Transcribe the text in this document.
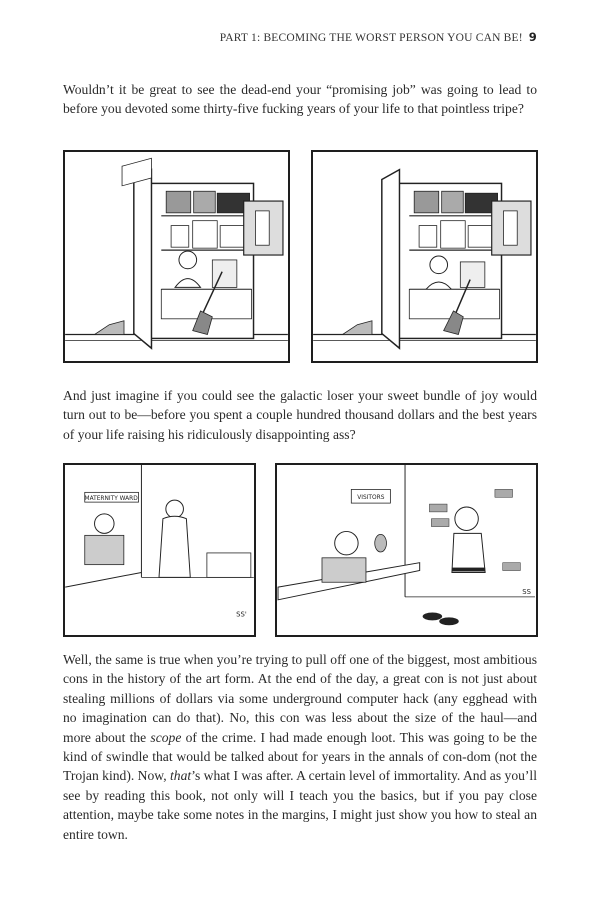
PART 1: BECOMING THE WORST PERSON YOU CAN BE! 9

Wouldn’t it be great to see the dead-end your “promising job” was going to lead to before you devoted some thirty-five fucking years of your life to that pointless tripe?

And just imagine if you could see the galactic loser your sweet bundle of joy would turn out to be—before you spent a couple hundred thousand dollars and the best years of your life raising his ridiculously disappointing ass?

MATERNITY WARD
SS'
VISITORS
SS

Well, the same is true when you’re trying to pull off one of the biggest, most ambitious cons in the history of the art form. At the end of the day, a great con is not just about stealing millions of dollars via some underground computer hack (any egghead with no imagination can do that). No, this con was less about the size of the haul—and more about the scope of the crime. I had made enough loot. This was going to be the kind of swindle that would be talked about for years in the annals of con-dom (not the Trojan kind). Now, that’s what I was after. A certain level of immortality. And as you’ll see by reading this book, not only will I teach you the basics, but if you pay close attention, maybe take some notes in the margins, I might just show you how to steal an entire town.
